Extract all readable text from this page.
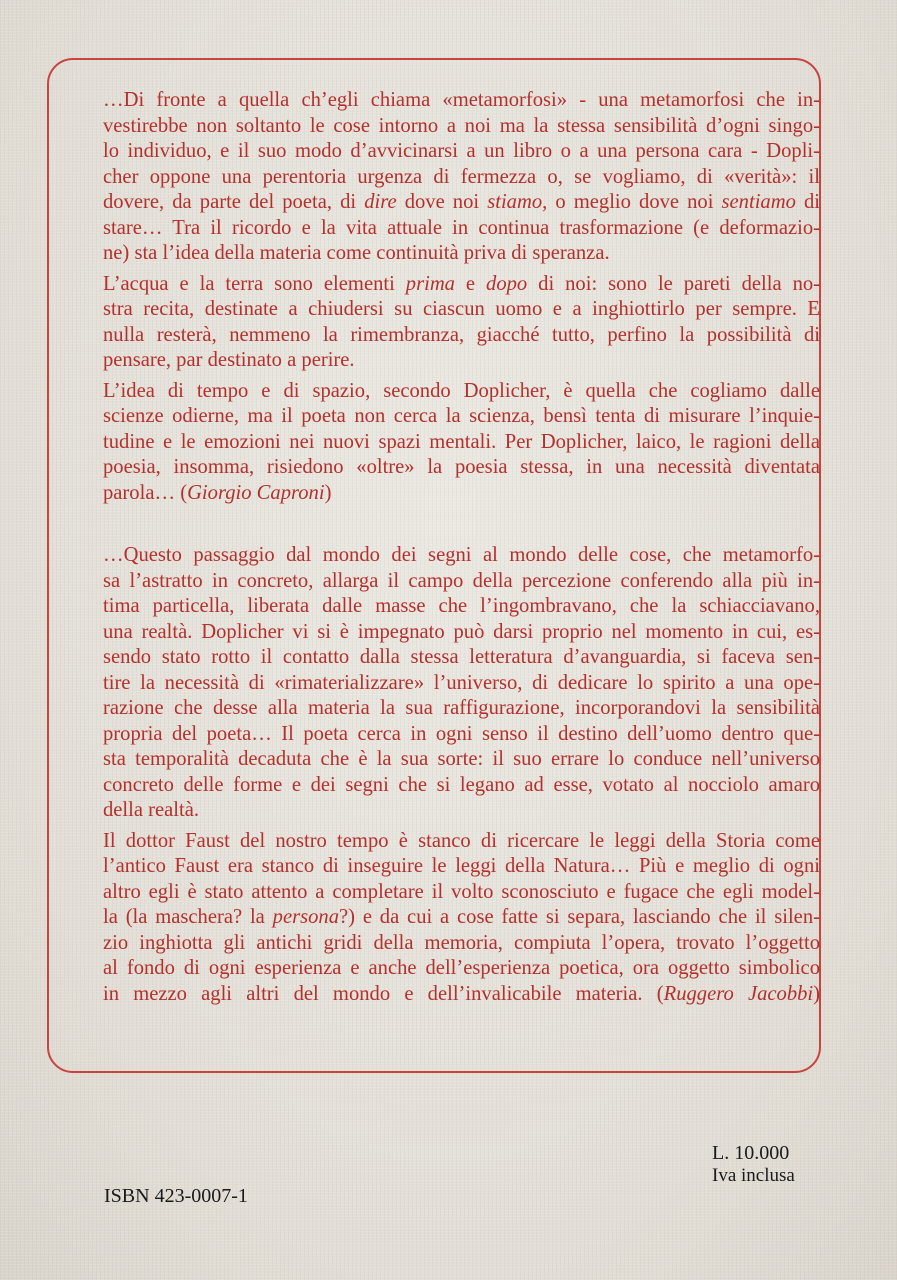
…Di fronte a quella ch’egli chiama «metamorfosi» - una metamorfosi che in-
vestirebbe non soltanto le cose intorno a noi ma la stessa sensibilità d’ogni singo-
lo individuo, e il suo modo d’avvicinarsi a un libro o a una persona cara - Dopli-
cher oppone una perentoria urgenza di fermezza o, se vogliamo, di «verità»: il
dovere, da parte del poeta, di dire dove noi stiamo, o meglio dove noi sentiamo di
stare… Tra il ricordo e la vita attuale in continua trasformazione (e deformazio-
ne) sta l’idea della materia come continuità priva di speranza.
L’acqua e la terra sono elementi prima e dopo di noi: sono le pareti della no-
stra recita, destinate a chiudersi su ciascun uomo e a inghiottirlo per sempre. E
nulla resterà, nemmeno la rimembranza, giacché tutto, perfino la possibilità di
pensare, par destinato a perire.
L’idea di tempo e di spazio, secondo Doplicher, è quella che cogliamo dalle
scienze odierne, ma il poeta non cerca la scienza, bensì tenta di misurare l’inquie-
tudine e le emozioni nei nuovi spazi mentali. Per Doplicher, laico, le ragioni della
poesia, insomma, risiedono «oltre» la poesia stessa, in una necessità diventata
parola… (Giorgio Caproni)
…Questo passaggio dal mondo dei segni al mondo delle cose, che metamorfo-
sa l’astratto in concreto, allarga il campo della percezione conferendo alla più in-
tima particella, liberata dalle masse che l’ingombravano, che la schiacciavano,
una realtà. Doplicher vi si è impegnato può darsi proprio nel momento in cui, es-
sendo stato rotto il contatto dalla stessa letteratura d’avanguardia, si faceva sen-
tire la necessità di «rimaterializzare» l’universo, di dedicare lo spirito a una ope-
razione che desse alla materia la sua raffigurazione, incorporandovi la sensibilità
propria del poeta… Il poeta cerca in ogni senso il destino dell’uomo dentro que-
sta temporalità decaduta che è la sua sorte: il suo errare lo conduce nell’universo
concreto delle forme e dei segni che si legano ad esse, votato al nocciolo amaro
della realtà.
Il dottor Faust del nostro tempo è stanco di ricercare le leggi della Storia come
l’antico Faust era stanco di inseguire le leggi della Natura… Più e meglio di ogni
altro egli è stato attento a completare il volto sconosciuto e fugace che egli model-
la (la maschera? la persona?) e da cui a cose fatte si separa, lasciando che il silen-
zio inghiotta gli antichi gridi della memoria, compiuta l’opera, trovato l’oggetto
al fondo di ogni esperienza e anche dell’esperienza poetica, ora oggetto simbolico
in mezzo agli altri del mondo e dell’invalicabile materia. (Ruggero Jacobbi)
L. 10.000
Iva inclusa
ISBN 423-0007-1
